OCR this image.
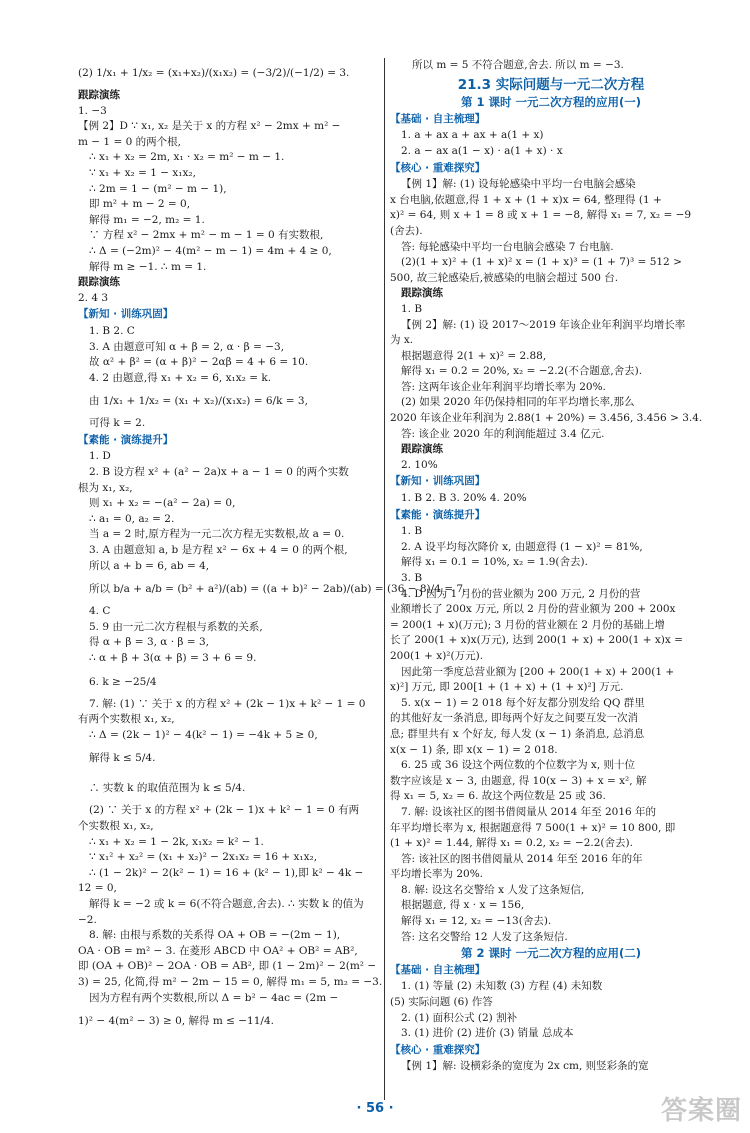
(2) 1/x₁ + 1/x₂ = (x₁+x₂)/(x₁x₂) = (−3/2)/(−1/2) = 3.

跟踪演练

1. −3

【例 2】D ∵ x₁, x₂ 是关于 x 的方程 x² − 2mx + m² −

m − 1 = 0 的两个根,

∴ x₁ + x₂ = 2m, x₁ · x₂ = m² − m − 1.

∵ x₁ + x₂ = 1 − x₁x₂,

∴ 2m = 1 − (m² − m − 1),

即 m² + m − 2 = 0,

解得 m₁ = −2, m₂ = 1.

∵ 方程 x² − 2mx + m² − m − 1 = 0 有实数根,

∴ Δ = (−2m)² − 4(m² − m − 1) = 4m + 4 ≥ 0,

解得 m ≥ −1. ∴ m = 1.

跟踪演练

2. 4 3

【新知 · 训练巩固】

1. B 2. C

3. A 由题意可知 α + β = 2, α · β = −3,

故 α² + β² = (α + β)² − 2αβ = 4 + 6 = 10.

4. 2 由题意,得 x₁ + x₂ = 6, x₁x₂ = k.

由 1/x₁ + 1/x₂ = (x₁ + x₂)/(x₁x₂) = 6/k = 3,

可得 k = 2.

【素能 · 演练提升】

1. D

2. B 设方程 x² + (a² − 2a)x + a − 1 = 0 的两个实数

根为 x₁, x₂,

则 x₁ + x₂ = −(a² − 2a) = 0,

∴ a₁ = 0, a₂ = 2.

当 a = 2 时,原方程为一元二次方程无实数根,故 a = 0.

3. A 由题意知 a, b 是方程 x² − 6x + 4 = 0 的两个根,

所以 a + b = 6, ab = 4,

所以 b/a + a/b = (b² + a²)/(ab) = ((a + b)² − 2ab)/(ab) = (36 − 8)/4 = 7.

4. C

5. 9 由一元二次方程根与系数的关系,

得 α + β = 3, α · β = 3,

∴ α + β + 3(α + β) = 3 + 6 = 9.

6. k ≥ −25/4

7. 解: (1) ∵ 关于 x 的方程 x² + (2k − 1)x + k² − 1 = 0

有两个实数根 x₁, x₂,

∴ Δ = (2k − 1)² − 4(k² − 1) = −4k + 5 ≥ 0,

解得 k ≤ 5/4.

∴ 实数 k 的取值范围为 k ≤ 5/4.

(2) ∵ 关于 x 的方程 x² + (2k − 1)x + k² − 1 = 0 有两

个实数根 x₁, x₂,

∴ x₁ + x₂ = 1 − 2k, x₁x₂ = k² − 1.

∵ x₁² + x₂² = (x₁ + x₂)² − 2x₁x₂ = 16 + x₁x₂,

∴ (1 − 2k)² − 2(k² − 1) = 16 + (k² − 1),即 k² − 4k −

12 = 0,

解得 k = −2 或 k = 6(不符合题意,舍去). ∴ 实数 k 的值为

−2.

8. 解: 由根与系数的关系得 OA + OB = −(2m − 1),

OA · OB = m² − 3. 在菱形 ABCD 中 OA² + OB² = AB²,

即 (OA + OB)² − 2OA · OB = AB², 即 (1 − 2m)² − 2(m² −

3) = 25, 化简,得 m² − 2m − 15 = 0, 解得 m₁ = 5, m₂ = −3.

因为方程有两个实数根,所以 Δ = b² − 4ac = (2m −

1)² − 4(m² − 3) ≥ 0, 解得 m ≤ −11/4.

所以 m = 5 不符合题意,舍去. 所以 m = −3.

21.3 实际问题与一元二次方程

第 1 课时 一元二次方程的应用(一)

【基础 · 自主梳理】

1. a + ax a + ax + a(1 + x)

2. a − ax a(1 − x) · a(1 + x) · x

【核心 · 重难探究】

【例 1】解: (1) 设每轮感染中平均一台电脑会感染

x 台电脑,依题意,得 1 + x + (1 + x)x = 64, 整理得 (1 +

x)² = 64, 则 x + 1 = 8 或 x + 1 = −8, 解得 x₁ = 7, x₂ = −9

(舍去).

答: 每轮感染中平均一台电脑会感染 7 台电脑.

(2)(1 + x)² + (1 + x)² x = (1 + x)³ = (1 + 7)³ = 512 >

500, 故三轮感染后,被感染的电脑会超过 500 台.

跟踪演练

1. B

【例 2】解: (1) 设 2017～2019 年该企业年利润平均增长率

为 x.

根据题意得 2(1 + x)² = 2.88,

解得 x₁ = 0.2 = 20%, x₂ = −2.2(不合题意,舍去).

答: 这两年该企业年利润平均增长率为 20%.

(2) 如果 2020 年仍保持相同的年平均增长率,那么

2020 年该企业年利润为 2.88(1 + 20%) = 3.456, 3.456 > 3.4.

答: 该企业 2020 年的利润能超过 3.4 亿元.

跟踪演练

2. 10%

【新知 · 训练巩固】

1. B 2. B 3. 20% 4. 20%

【素能 · 演练提升】

1. B

2. A 设平均每次降价 x, 由题意得 (1 − x)² = 81%,

解得 x₁ = 0.1 = 10%, x₂ = 1.9(舍去).

3. B

4. D 因为 1 月份的营业额为 200 万元, 2 月份的营

业额增长了 200x 万元, 所以 2 月份的营业额为 200 + 200x

= 200(1 + x)(万元); 3 月份的营业额在 2 月份的基础上增

长了 200(1 + x)x(万元), 达到 200(1 + x) + 200(1 + x)x =

200(1 + x)²(万元).

因此第一季度总营业额为 [200 + 200(1 + x) + 200(1 +

x)²] 万元, 即 200[1 + (1 + x) + (1 + x)²] 万元.

5. x(x − 1) = 2 018 每个好友都分别发给 QQ 群里

的其他好友一条消息, 即每两个好友之间要互发一次消

息; 群里共有 x 个好友, 每人发 (x − 1) 条消息, 总消息

x(x − 1) 条, 即 x(x − 1) = 2 018.

6. 25 或 36 设这个两位数的个位数字为 x, 则十位

数字应该是 x − 3, 由题意, 得 10(x − 3) + x = x², 解

得 x₁ = 5, x₂ = 6. 故这个两位数是 25 或 36.

7. 解: 设该社区的图书借阅量从 2014 年至 2016 年的

年平均增长率为 x, 根据题意得 7 500(1 + x)² = 10 800, 即

(1 + x)² = 1.44, 解得 x₁ = 0.2, x₂ = −2.2(舍去).

答: 该社区的图书借阅量从 2014 年至 2016 年的年

平均增长率为 20%.

8. 解: 设这名交警给 x 人发了这条短信,

根据题意, 得 x · x = 156,

解得 x₁ = 12, x₂ = −13(舍去).

答: 这名交警给 12 人发了这条短信.

第 2 课时 一元二次方程的应用(二)

【基础 · 自主梳理】

1. (1) 等量 (2) 未知数 (3) 方程 (4) 未知数

(5) 实际问题 (6) 作答

2. (1) 面积公式 (2) 割补

3. (1) 进价 (2) 进价 (3) 销量 总成本

【核心 · 重难探究】

【例 1】解: 设横彩条的宽度为 2x cm, 则竖彩条的宽

· 56 ·	答案圈
